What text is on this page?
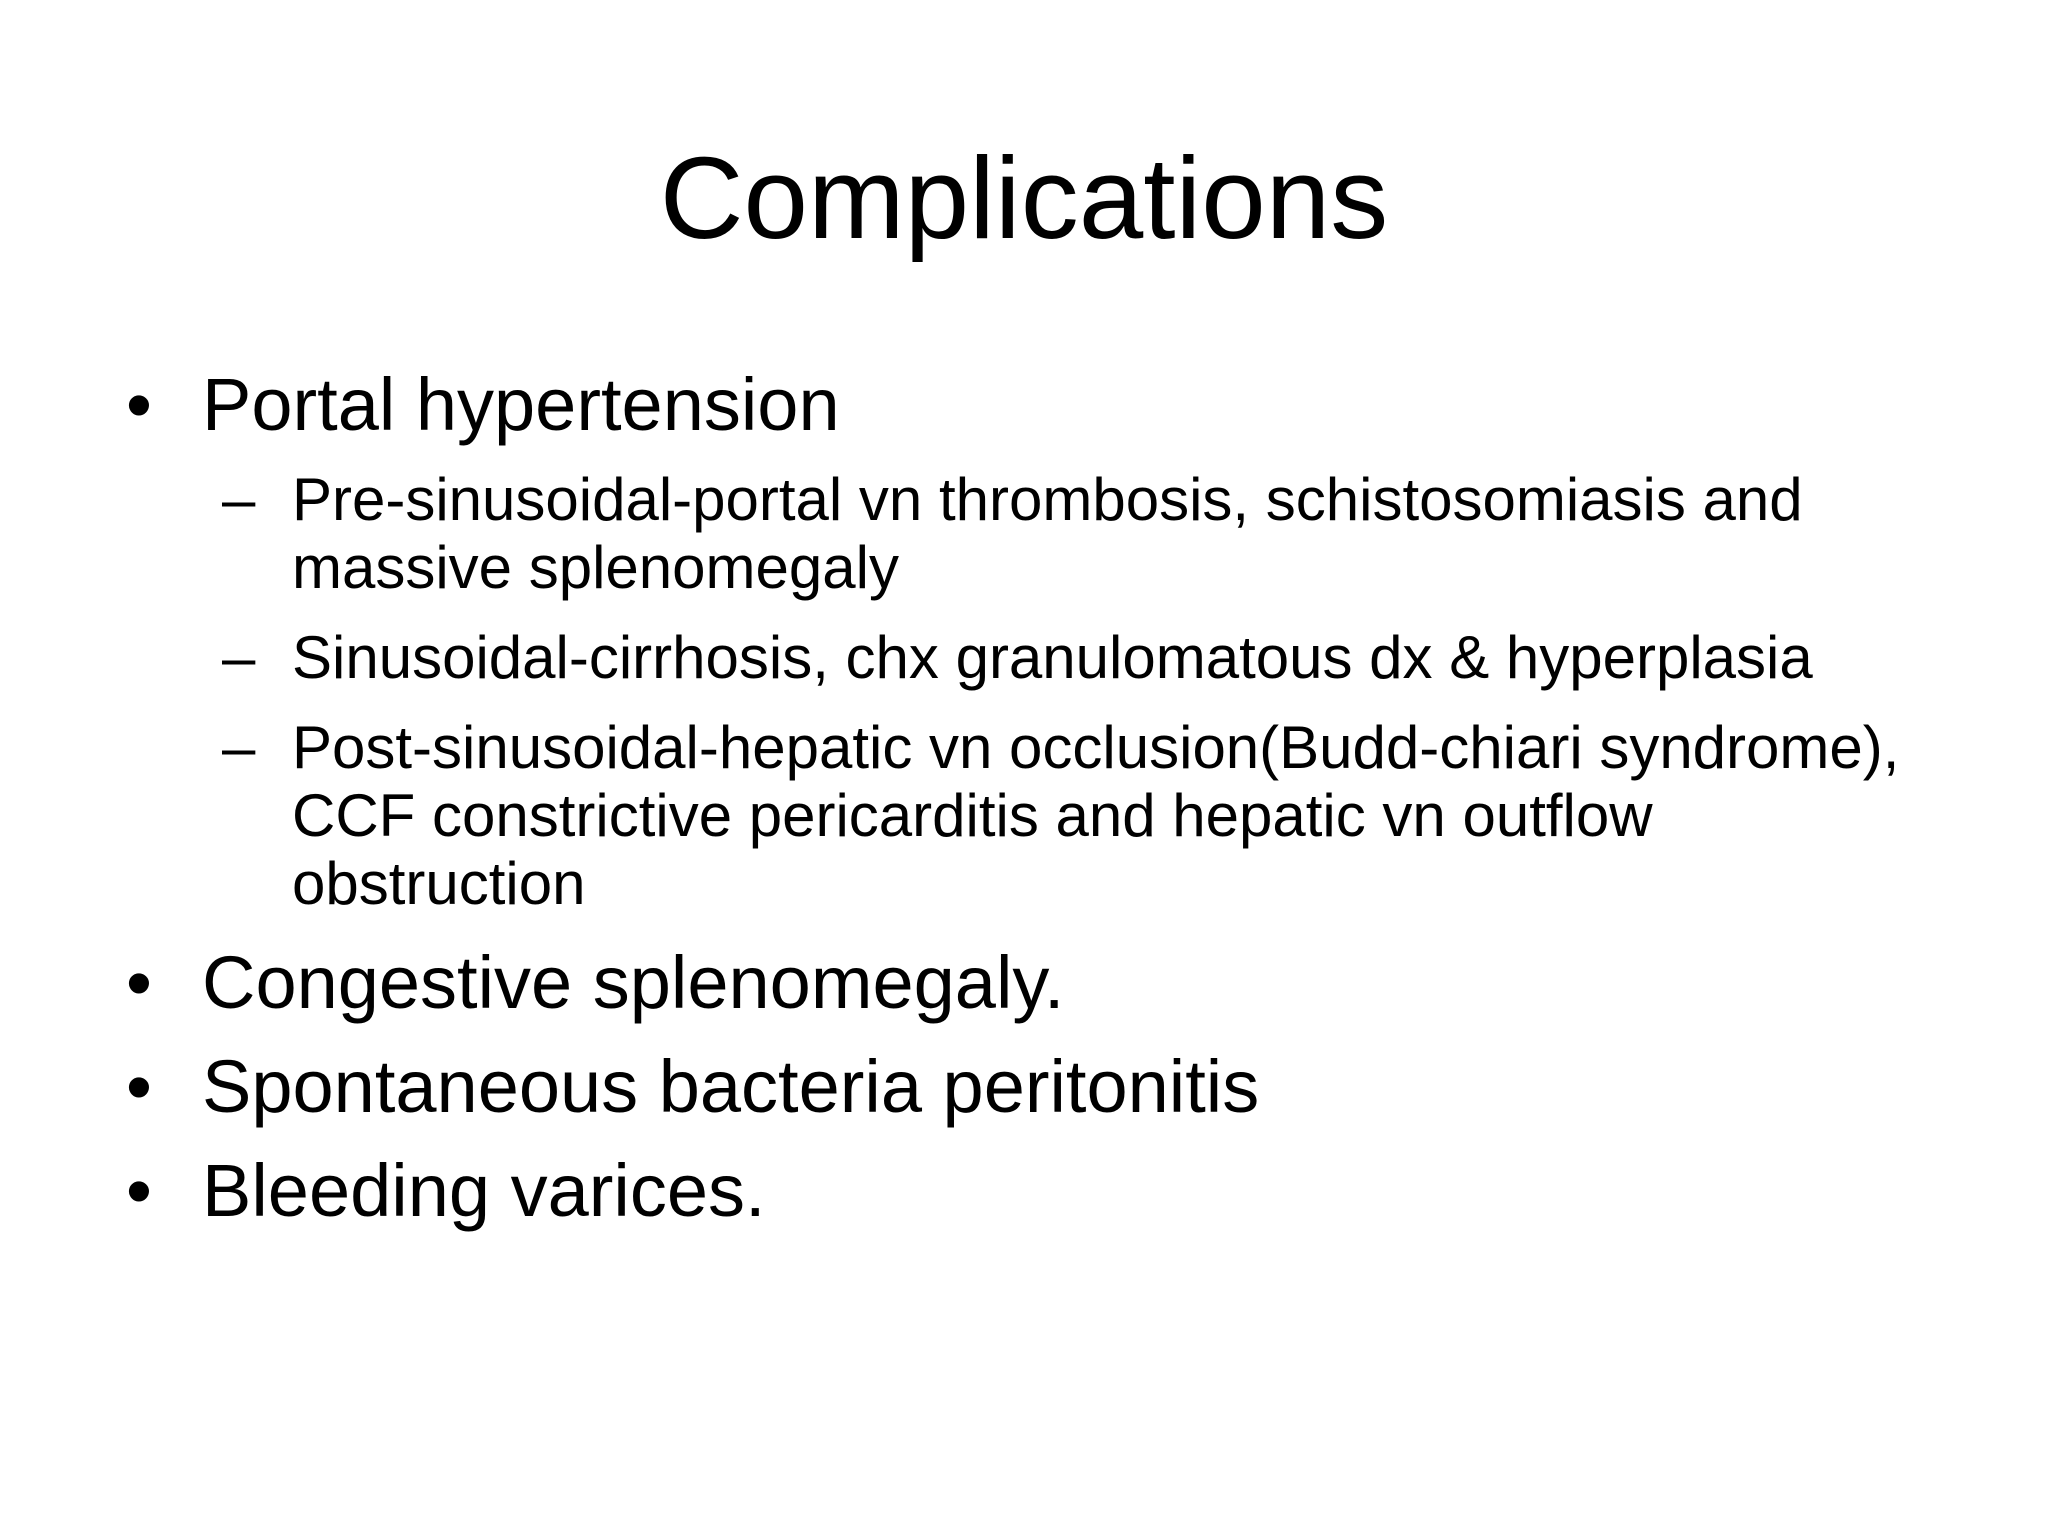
Complications
• Portal hypertension
– Pre-sinusoidal-portal vn thrombosis, schistosomiasis and massive splenomegaly
– Sinusoidal-cirrhosis, chx granulomatous dx & hyperplasia
– Post-sinusoidal-hepatic vn occlusion(Budd-chiari syndrome), CCF constrictive pericarditis and hepatic vn outflow obstruction
• Congestive splenomegaly.
• Spontaneous bacteria peritonitis
• Bleeding varices.
